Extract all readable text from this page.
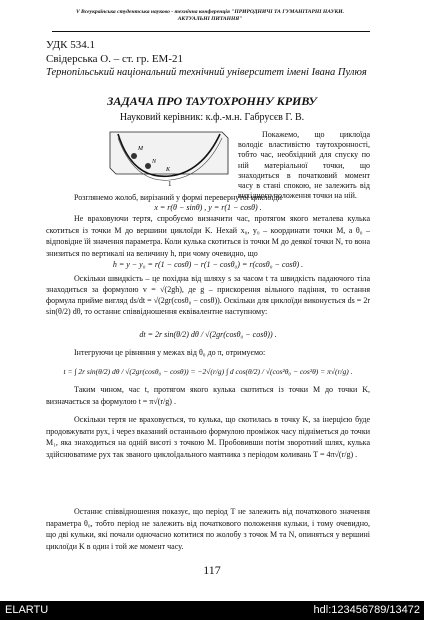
V Всеукраїнська студентська науково - технічна конференція "ПРИРОДНИЧІ ТА ГУМАНІТАРНІ НАУКИ.
АКТУАЛЬНІ ПИТАННЯ"
УДК 534.1
Свідерська О. – ст. гр. ЕМ-21
Тернопільський національний технічний університет імені Івана Пулюя
ЗАДАЧА ПРО ТАУТОХРОННУ КРИВУ
Науковий керівник: к.ф.-м.н. Габрусєв Г. В.
M
K
N
1
Покажемо, що циклоїда володіє властивістю таутохронності, тобто час, необхідний для спуску по ній матеріальної точки, що знаходиться в початковий момент часу в стані спокою, не залежить від вихідного положення точки на ній.
Розглянемо жолоб, вирізаний у формі перевернутої циклоїди
x = r(θ − sinθ) , y = r(1 − cosθ) .
Не враховуючи тертя, спробуємо визначити час, протягом якого металева кулька скотиться із точки M до вершини циклоїди K. Нехай x₀, y₀ – координати точки M, а θ₀ – відповідне їй значення параметра. Коли кулька скотиться із точки M до деякої точки N, то вона знизиться по вертикалі на величину h, при чому очевидно, що
h = y − y₀ = r(1 − cosθ) − r(1 − cosθ₀) = r(cosθ₀ − cosθ) .
Оскільки швидкість – це похідна від шляху s за часом t та швидкість падаючого тіла знаходиться за формулою v = √(2gh), де g – прискорення вільного падіння, то остання формула прийме вигляд ds/dt = √(2gr(cosθ₀ − cosθ)). Оскільки для циклоїди виконується ds = 2r sin(θ/2) dθ, то останнє співвідношення еквівалентне наступному:
dt = 2r sin(θ/2) dθ / √(2gr(cosθ₀ − cosθ)) .
Інтегруючи це рівняння у межах від θ₀ до π, отримуємо:
t = ∫ 2r sin(θ/2) dθ / √(2gr(cosθ₀ − cosθ)) = −2√(r/g) ∫ d cos(θ/2) / √(cos²θ₀ − cos²θ) = π√(r/g) .
Таким чином, час t, протягом якого кулька скотиться із точки M до точки K, визначається за формулою t = π√(r/g) .
Оскільки тертя не враховується, то кулька, що скотилась в точку K, за інерцією буде продовжувати рух, і через вказаний останньою формулою проміжок часу підніметься до точки M₁, яка знаходиться на одній висоті з точкою M. Пробовивши потім зворотний шлях, кулька здійснюватиме рух так званого циклоїдального маятника з періодом коливань T = 4π√(r/g) .
Останнє співвідношення показує, що період T не залежить від початкового значення параметра θ₀, тобто період не залежить від початкового положення кульки, і тому очевидно, що дві кульки, які почали одночасно котитися по жолобу з точок M та N, опиняться у вершині циклоїди K в один і той же момент часу.
117
ELARTU	hdl:123456789/13472
